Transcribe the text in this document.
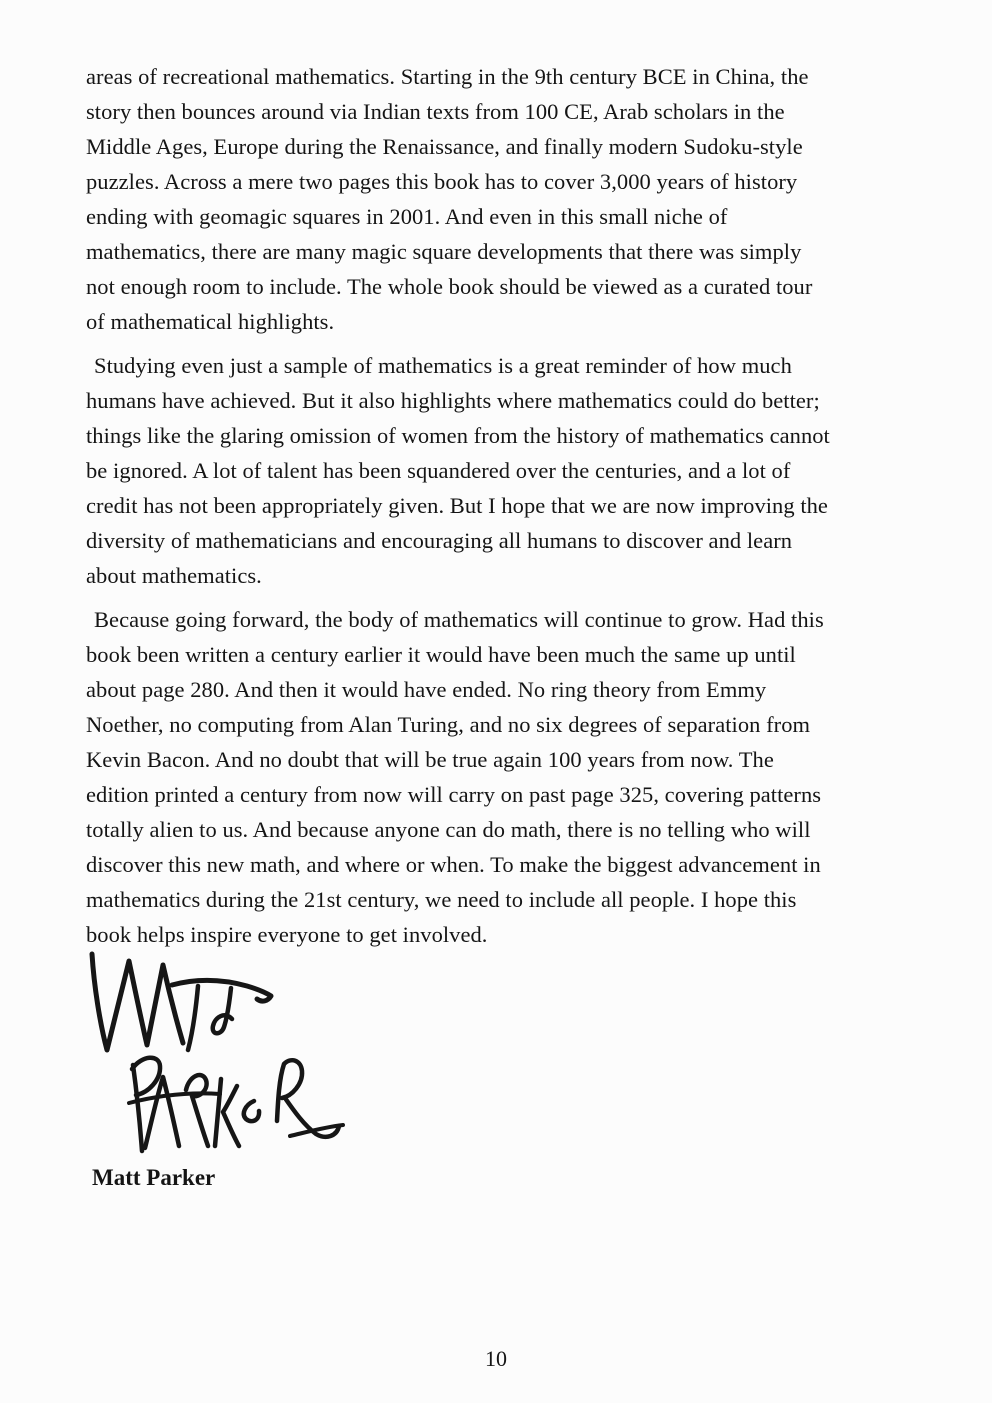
areas of recreational mathematics. Starting in the 9th century BCE in China, the
story then bounces around via Indian texts from 100 CE, Arab scholars in the
Middle Ages, Europe during the Renaissance, and finally modern Sudoku-style
puzzles. Across a mere two pages this book has to cover 3,000 years of history
ending with geomagic squares in 2001. And even in this small niche of
mathematics, there are many magic square developments that there was simply
not enough room to include. The whole book should be viewed as a curated tour
of mathematical highlights.
Studying even just a sample of mathematics is a great reminder of how much
humans have achieved. But it also highlights where mathematics could do better;
things like the glaring omission of women from the history of mathematics cannot
be ignored. A lot of talent has been squandered over the centuries, and a lot of
credit has not been appropriately given. But I hope that we are now improving the
diversity of mathematicians and encouraging all humans to discover and learn
about mathematics.
Because going forward, the body of mathematics will continue to grow. Had this
book been written a century earlier it would have been much the same up until
about page 280. And then it would have ended. No ring theory from Emmy
Noether, no computing from Alan Turing, and no six degrees of separation from
Kevin Bacon. And no doubt that will be true again 100 years from now. The
edition printed a century from now will carry on past page 325, covering patterns
totally alien to us. And because anyone can do math, there is no telling who will
discover this new math, and where or when. To make the biggest advancement in
mathematics during the 21st century, we need to include all people. I hope this
book helps inspire everyone to get involved.
Matt Parker
10
